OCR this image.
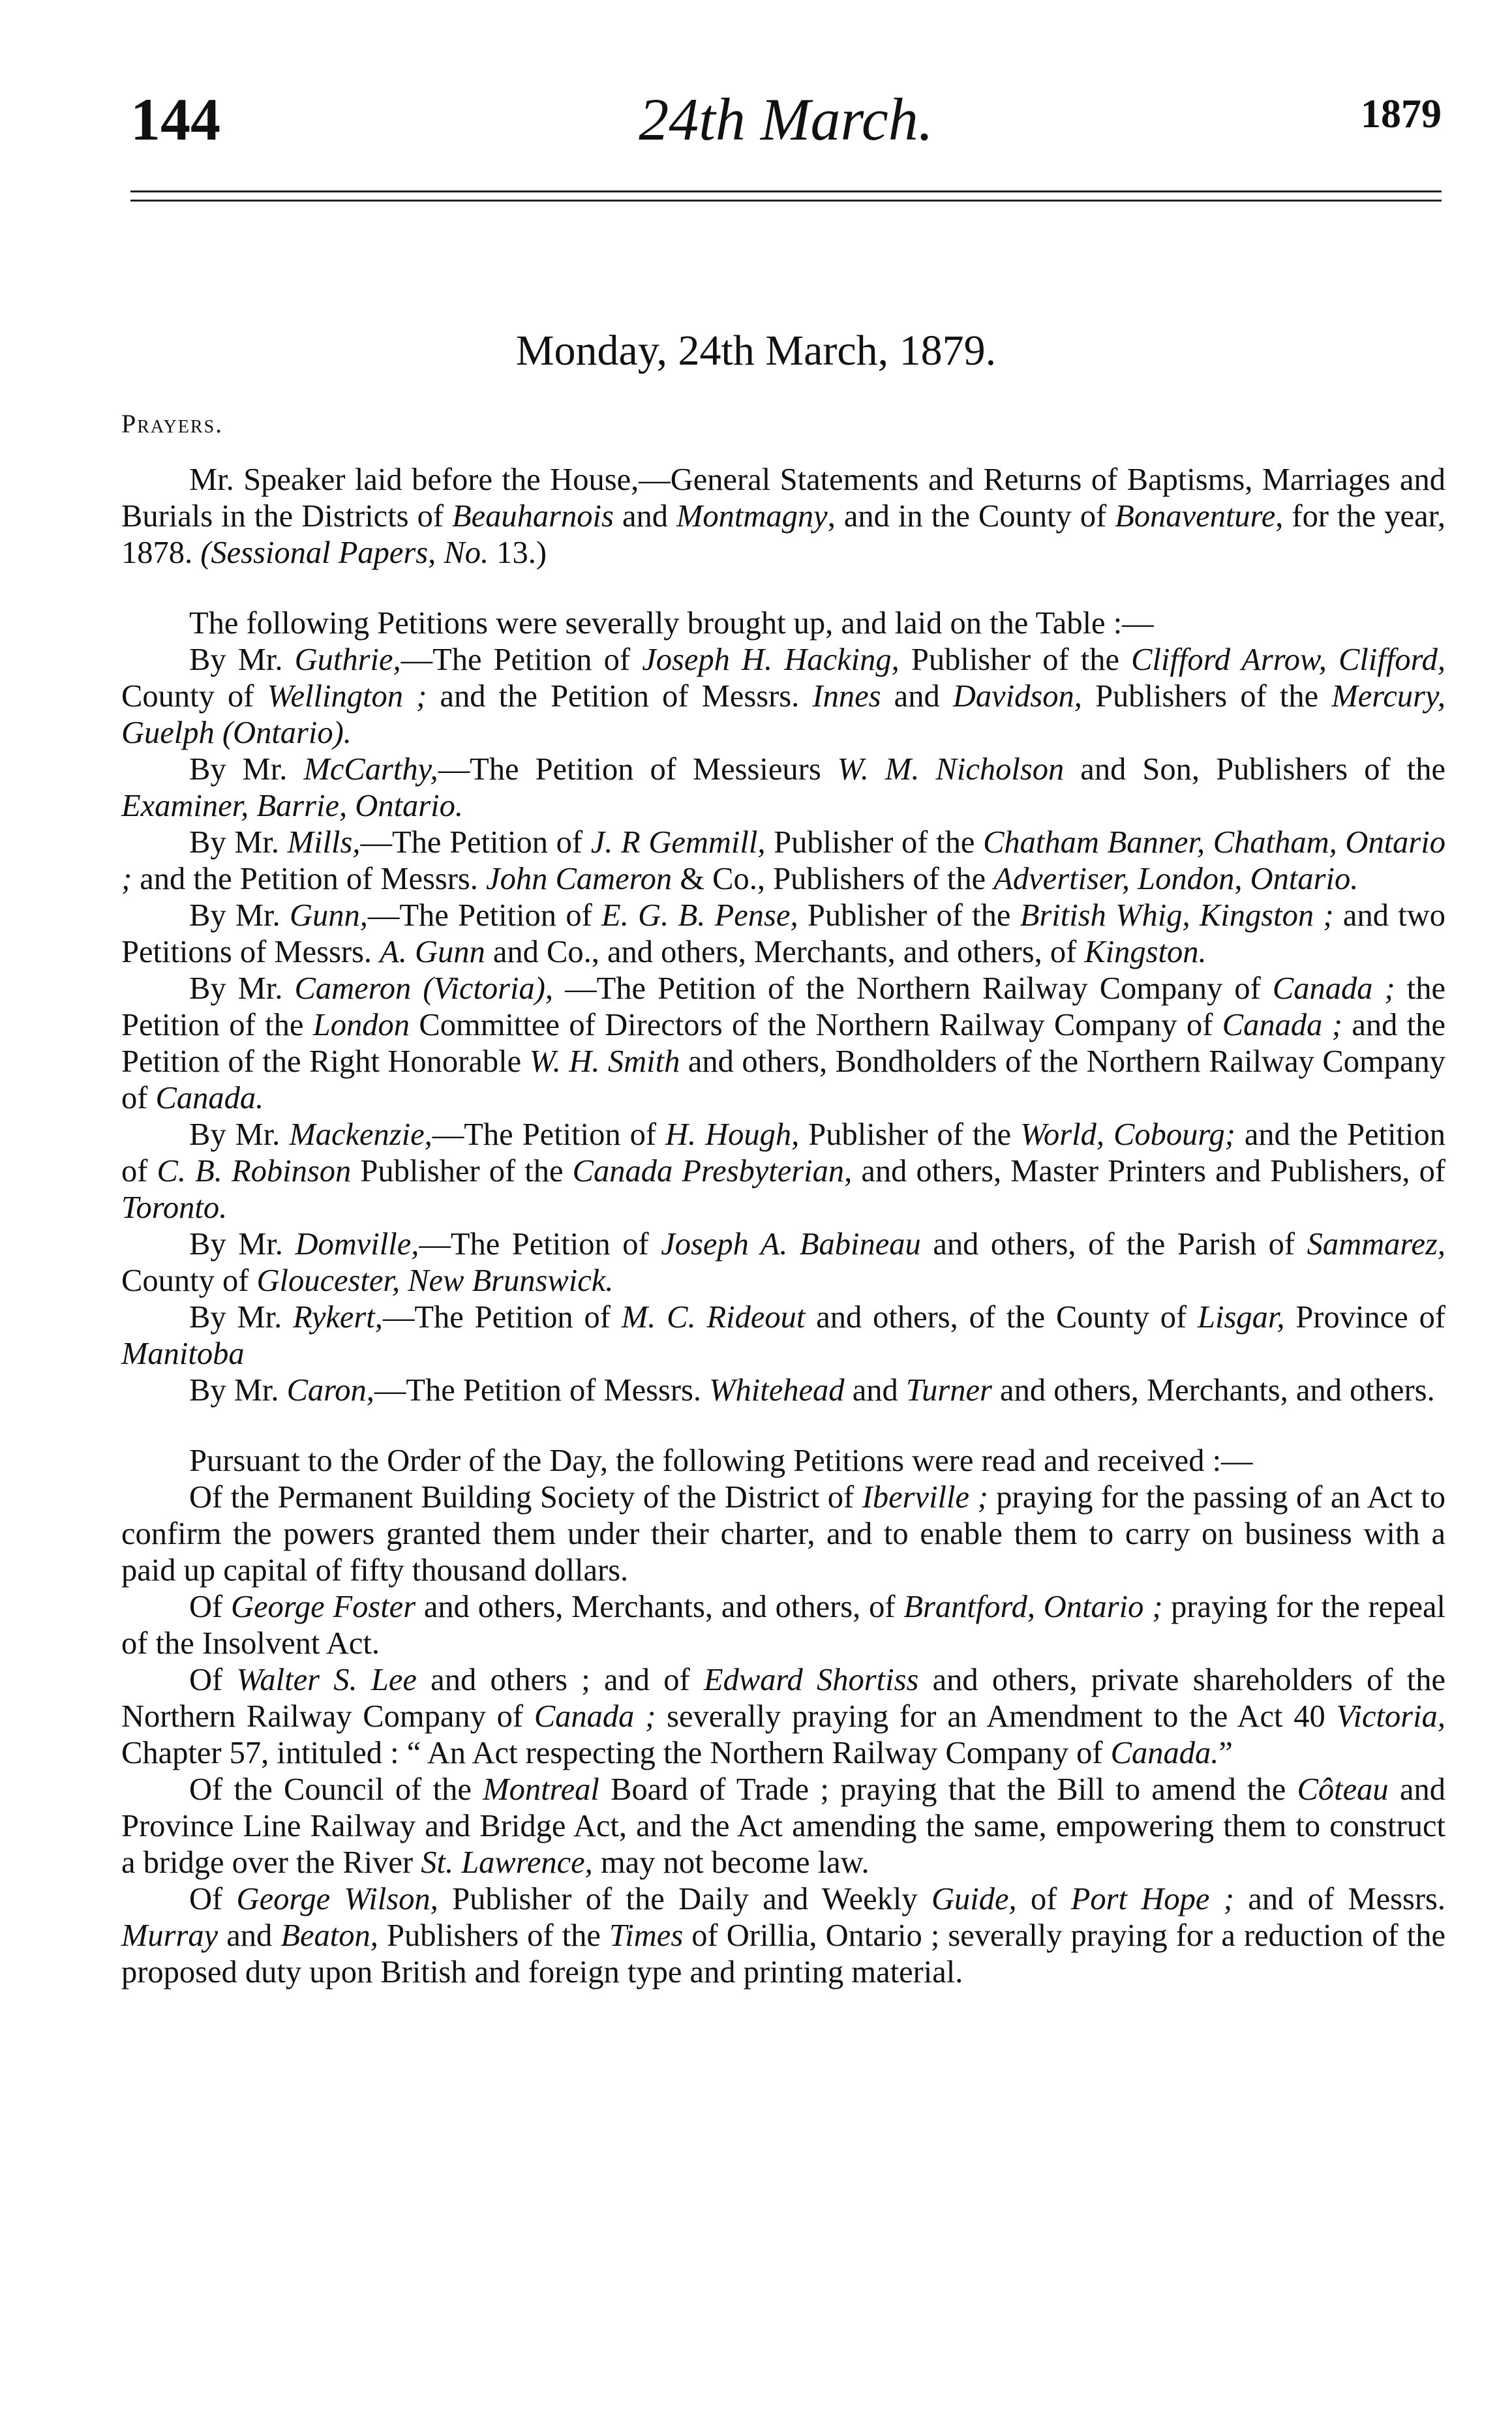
144	24th March.	1879
Monday, 24th March, 1879.
Prayers.

Mr. Speaker laid before the House,—General Statements and Returns of Baptisms, Marriages and Burials in the Districts of Beauharnois and Montmagny, and in the County of Bonaventure, for the year, 1878. (Sessional Papers, No. 13.)

The following Petitions were severally brought up, and laid on the Table :—

By Mr. Guthrie,—The Petition of Joseph H. Hacking, Publisher of the Clifford Arrow, Clifford, County of Wellington ; and the Petition of Messrs. Innes and Davidson, Publishers of the Mercury, Guelph (Ontario).

By Mr. McCarthy,—The Petition of Messieurs W. M. Nicholson and Son, Publishers of the Examiner, Barrie, Ontario.

By Mr. Mills,—The Petition of J. R Gemmill, Publisher of the Chatham Banner, Chatham, Ontario ; and the Petition of Messrs. John Cameron & Co., Publishers of the Advertiser, London, Ontario.

By Mr. Gunn,—The Petition of E. G. B. Pense, Publisher of the British Whig, Kingston ; and two Petitions of Messrs. A. Gunn and Co., and others, Merchants, and others, of Kingston.

By Mr. Cameron (Victoria), —The Petition of the Northern Railway Company of Canada ; the Petition of the London Committee of Directors of the Northern Railway Company of Canada ; and the Petition of the Right Honorable W. H. Smith and others, Bondholders of the Northern Railway Company of Canada.

By Mr. Mackenzie,—The Petition of H. Hough, Publisher of the World, Cobourg; and the Petition of C. B. Robinson Publisher of the Canada Presbyterian, and others, Master Printers and Publishers, of Toronto.

By Mr. Domville,—The Petition of Joseph A. Babineau and others, of the Parish of Sammarez, County of Gloucester, New Brunswick.

By Mr. Rykert,—The Petition of M. C. Rideout and others, of the County of Lisgar, Province of Manitoba

By Mr. Caron,—The Petition of Messrs. Whitehead and Turner and others, Merchants, and others.

Pursuant to the Order of the Day, the following Petitions were read and received :—

Of the Permanent Building Society of the District of Iberville ; praying for the passing of an Act to confirm the powers granted them under their charter, and to enable them to carry on business with a paid up capital of fifty thousand dollars.

Of George Foster and others, Merchants, and others, of Brantford, Ontario ; praying for the repeal of the Insolvent Act.

Of Walter S. Lee and others ; and of Edward Shortiss and others, private shareholders of the Northern Railway Company of Canada ; severally praying for an Amendment to the Act 40 Victoria, Chapter 57, intituled : “ An Act respecting the Northern Railway Company of Canada.”

Of the Council of the Montreal Board of Trade ; praying that the Bill to amend the Côteau and Province Line Railway and Bridge Act, and the Act amending the same, empowering them to construct a bridge over the River St. Lawrence, may not become law.

Of George Wilson, Publisher of the Daily and Weekly Guide, of Port Hope ; and of Messrs. Murray and Beaton, Publishers of the Times of Orillia, Ontario ; severally praying for a reduction of the proposed duty upon British and foreign type and printing material.
